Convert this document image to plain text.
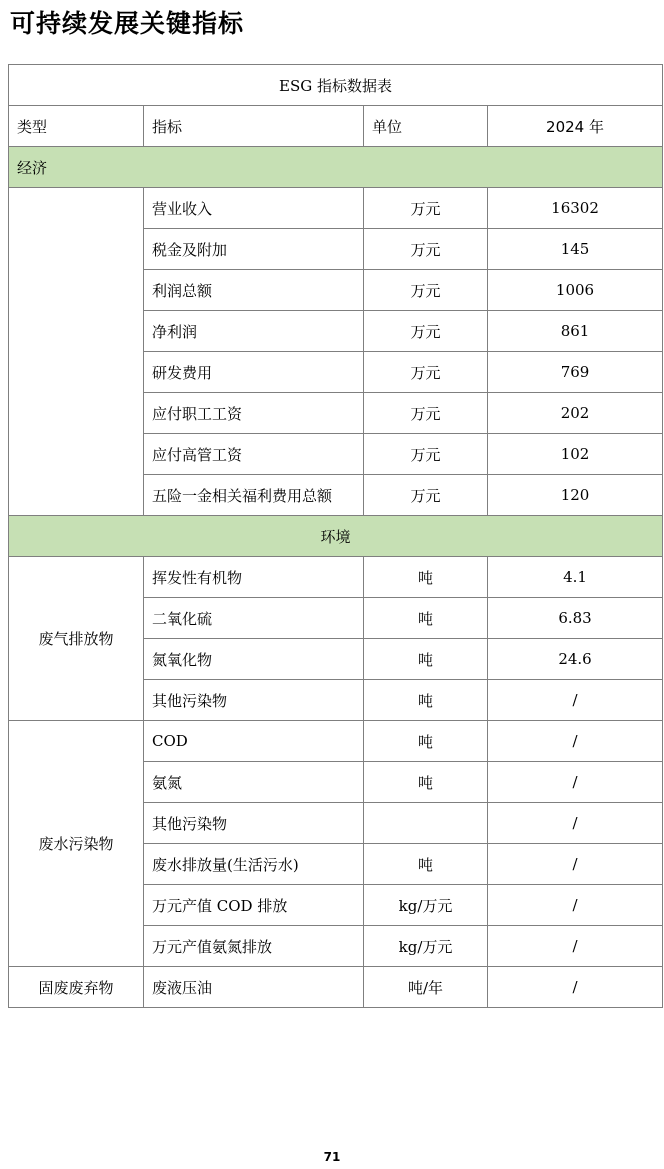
可持续发展关键指标
ESG 指标数据表			
类型	指标	单位	2024 年
经济			
	营业收入	万元	16302
	税金及附加	万元	145
	利润总额	万元	1006
	净利润	万元	861
	研发费用	万元	769
	应付职工工资	万元	202
	应付高管工资	万元	102
	五险一金相关福利费用总额	万元	120
环境			
废气排放物	挥发性有机物	吨	4.1
	二氧化硫	吨	6.83
	氮氧化物	吨	24.6
	其他污染物	吨	/
废水污染物	COD	吨	/
	氨氮	吨	/
	其他污染物		/
	废水排放量(生活污水)	吨	/
	万元产值 COD 排放	kg/万元	/
	万元产值氨氮排放	kg/万元	/
固废废弃物	废液压油	吨/年	/
71
